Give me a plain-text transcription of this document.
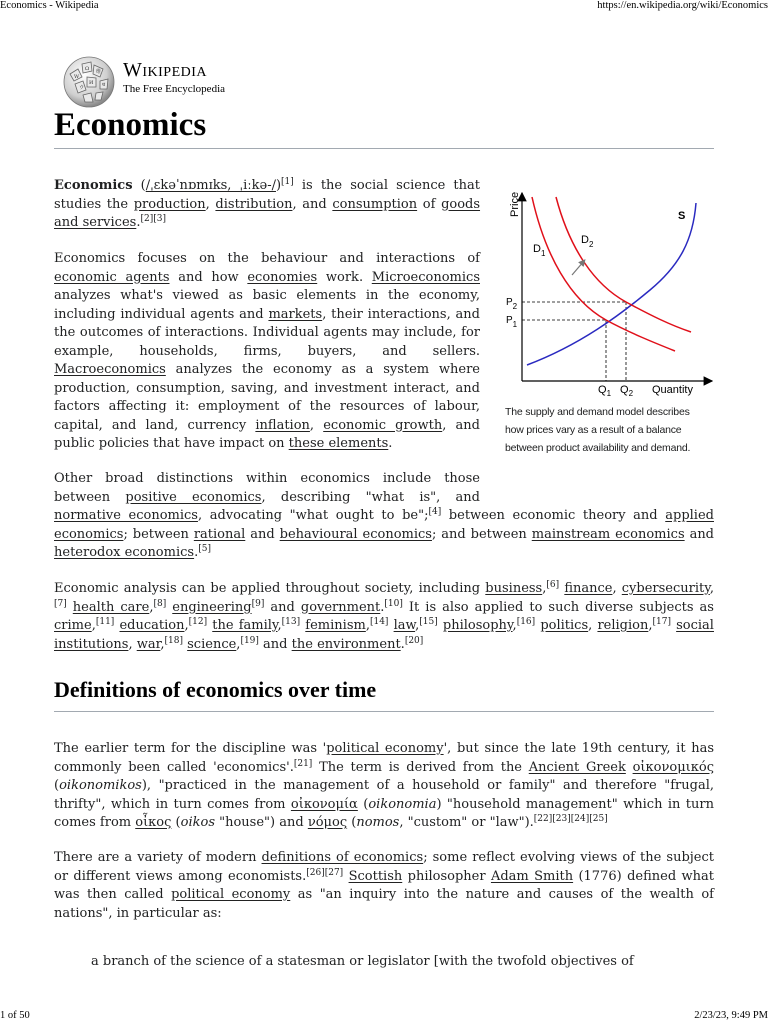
Economics - Wikipedia	https://en.wikipedia.org/wiki/Economics
1 of 50	2/23/23, 9:49 PM
W
Ω 维
И
ウ	ध
Wikipedia
The Free Encyclopedia
Economics

Economics (/ˌɛkəˈnɒmɪks, ˌiːkə-/)[1] is the social science that studies the production, distribution, and consumption of goods and services.[2][3]

Economics focuses on the behaviour and interactions of economic agents and how economies work. Microeconomics analyzes what's viewed as basic elements in the economy, including individual agents and markets, their interactions, and the outcomes of interactions. Individual agents may include, for example, households, firms, buyers, and sellers. Macroeconomics analyzes the economy as a system where production, consumption, saving, and investment interact, and factors affecting it: employment of the resources of labour, capital, and land, currency inflation, economic growth, and public policies that have impact on these elements.

Other broad distinctions within economics include those between positive economics, describing "what is", and normative economics, advocating "what ought to be";[4] between economic theory and applied economics; between rational and behavioural economics; and between mainstream economics and heterodox economics.[5]

Economic analysis can be applied throughout society, including business,[6] finance, cybersecurity,[7] health care,[8] engineering[9] and government.[10] It is also applied to such diverse subjects as crime,[11] education,[12] the family,[13] feminism,[14] law,[15] philosophy,[16] politics, religion,[17] social institutions, war,[18] science,[19] and the environment.[20]

Definitions of economics over time

The earlier term for the discipline was 'political economy', but since the late 19th century, it has commonly been called 'economics'.[21] The term is derived from the Ancient Greek οἰκονομικός (oikonomikos), "practiced in the management of a household or family" and therefore "frugal, thrifty", which in turn comes from οἰκονομία (oikonomia) "household management" which in turn comes from οἶκος (oikos "house") and νόμος (nomos, "custom" or "law").[22][23][24][25]

There are a variety of modern definitions of economics; some reflect evolving views of the subject or different views among economists.[26][27] Scottish philosopher Adam Smith (1776) defined what was then called political economy as "an inquiry into the nature and causes of the wealth of nations", in particular as:

a branch of the science of a statesman or legislator [with the twofold objectives of
Price
Quantity
S
$D_1$
$D_2$
$P_2$
$P_1$
$Q_1$ $Q_2$
The supply and demand model describes how prices vary as a result of a balance between product availability and demand.
